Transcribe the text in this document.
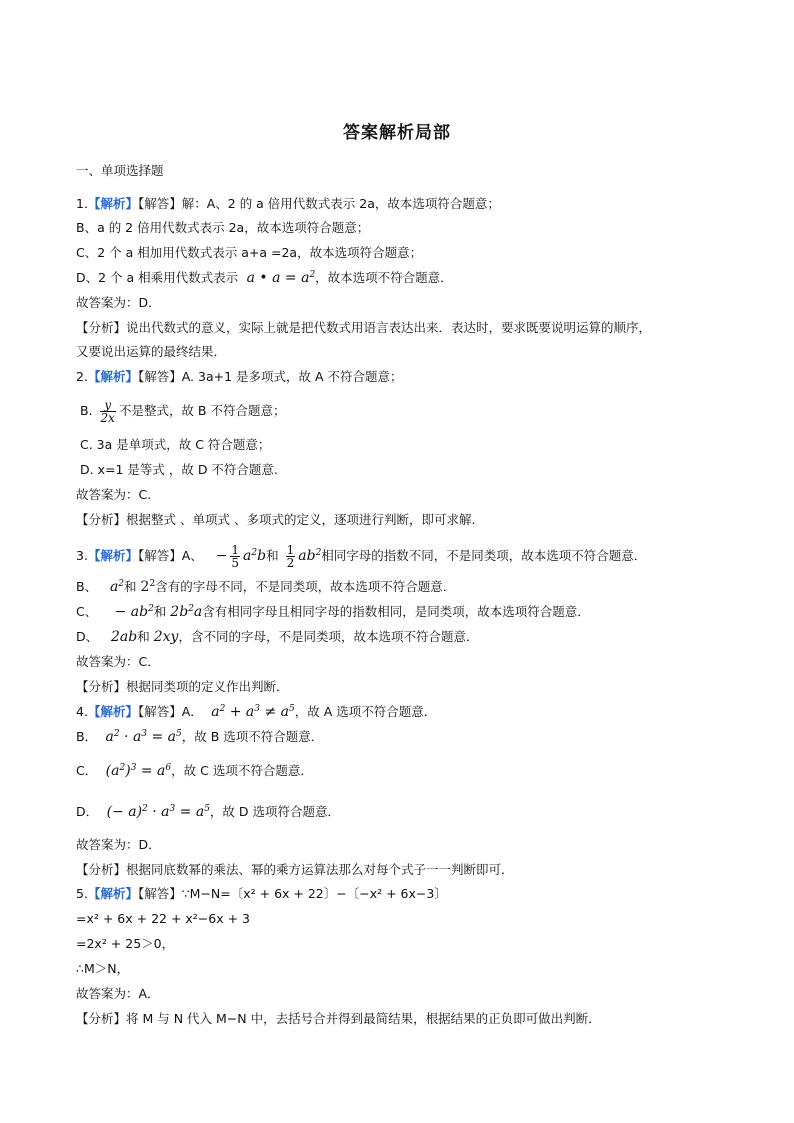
答案解析局部
一、单项选择题
1.【解析】【解答】解：A、2 的 a 倍用代数式表示 2a，故本选项符合题意；
B、a 的 2 倍用代数式表示 2a，故本选项符合题意；
C、2 个 a 相加用代数式表示 a+a =2a，故本选项符合题意；
D、2 个 a 相乘用代数式表示  a • $a = a^2$，故本选项不符合题意．
故答案为：D．
【分析】说出代数式的意义，实际上就是把代数式用语言表达出来．表达时，要求既要说明运算的顺序，
又要说出运算的最终结果．
2.【解析】【解答】A. 3a+1 是多项式，故 A 不符合题意；
B. $\frac{y}{2x}$ 不是整式，故 B 不符合题意；
C. 3a 是单项式，故 C 符合题意；
D. x=1 是等式 ，故 D 不符合题意.
故答案为：C.
【分析】根据整式 、单项式 、多项式的定义，逐项进行判断，即可求解.
3.【解析】【解答】A、   − $\frac{1}{5} a^2b$和 $\frac{1}{2} ab^2$相同字母的指数不同，不是同类项，故本选项不符合题意．
B、   $a^2$和 $2^2$含有的字母不同，不是同类项，故本选项不符合题意．
C、    − $ab^2$和 $2b^2a$含有相同字母且相同字母的指数相同，是同类项，故本选项符合题意．
D、   2ab和 2xy，含不同的字母，不是同类项，故本选项不符合题意．
故答案为：C．
【分析】根据同类项的定义作出判断．
4.【解析】【解答】A．  $a^2 + a^3 \ne a^5$，故 A 选项不符合题意．
B．  $a^2 \cdot a^3 = a^5$，故 B 选项不符合题意．
C．  $(a^2)^3 = a^6$，故 C 选项不符合题意．
D．  (− $a)^2 \cdot a^3 = a^5$，故 D 选项符合题意．
故答案为：D．
【分析】根据同底数幂的乘法、幂的乘方运算法那么对每个式子一一判断即可．
5.【解析】【解答】∵M−N=〔x² + 6x + 22〕−〔−x² + 6x−3〕
=x² + 6x + 22 + x²−6x + 3
=2x² + 25＞0，
∴M＞N，
故答案为：A．
【分析】将 M 与 N 代入 M−N 中，去括号合并得到最简结果，根据结果的正负即可做出判断．
